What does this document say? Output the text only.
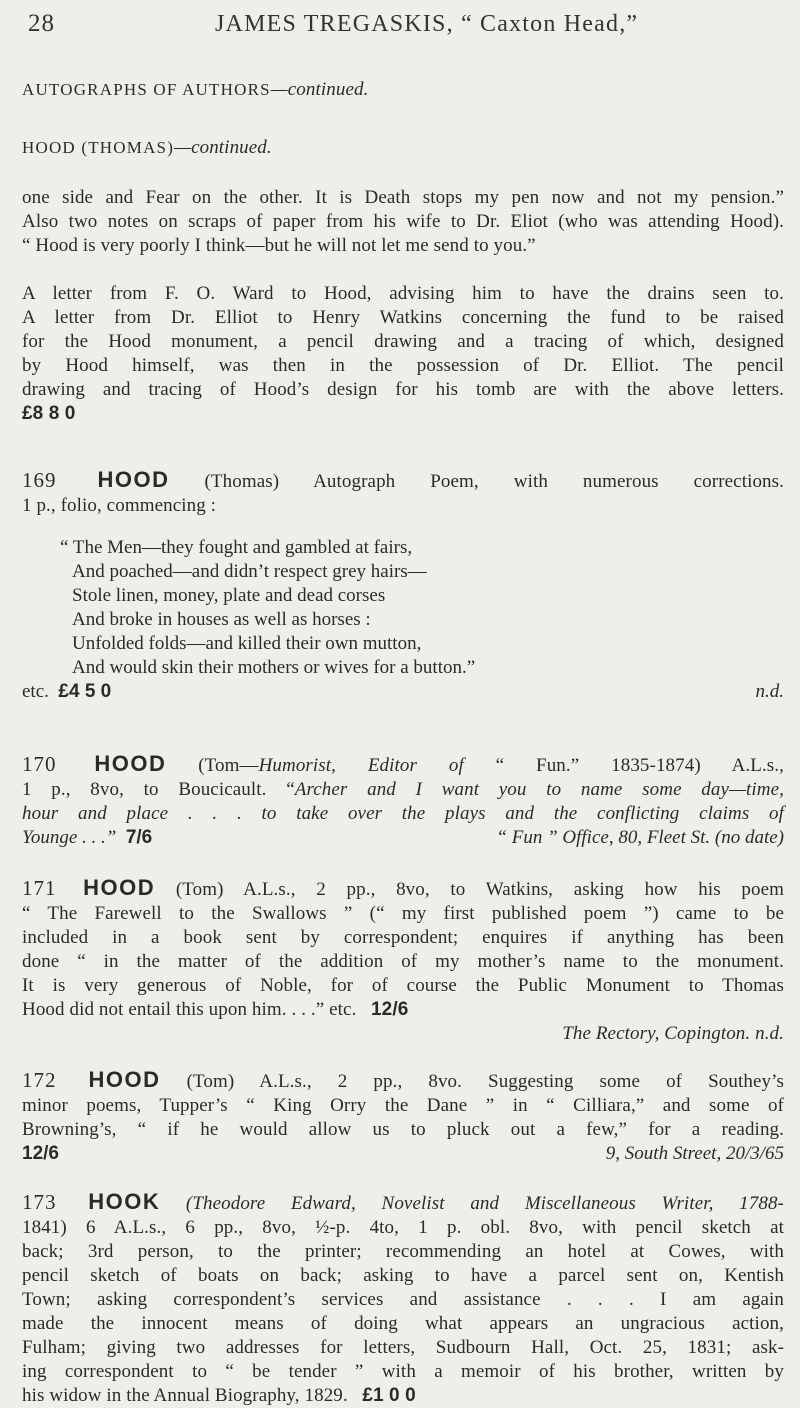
28	JAMES TREGASKIS, “ Caxton Head,”
AUTOGRAPHS OF AUTHORS—continued.
HOOD (THOMAS)—continued.
one side and Fear on the other. It is Death stops my pen now and not my pension.”
Also two notes on scraps of paper from his wife to Dr. Eliot (who was attending Hood).
“ Hood is very poorly I think—but he will not let me send to you.”
A letter from F. O. Ward to Hood, advising him to have the drains seen to.
A letter from Dr. Elliot to Henry Watkins concerning the fund to be raised
for the Hood monument, a pencil drawing and a tracing of which, designed
by Hood himself, was then in the possession of Dr. Elliot. The pencil
drawing and tracing of Hood’s design for his tomb are with the above letters.
£8 8 0
169 HOOD (Thomas) Autograph Poem, with numerous corrections.
1 p., folio, commencing :
“ The Men—they fought and gambled at fairs,
And poached—and didn’t respect grey hairs—
Stole linen, money, plate and dead corses
And broke in houses as well as horses :
Unfolded folds—and killed their own mutton,
And would skin their mothers or wives for a button.”
etc. £4 5 0	n.d.
170 HOOD (Tom—Humorist, Editor of “ Fun.” 1835-1874) A.L.s.,
1 p., 8vo, to Boucicault. “Archer and I want you to name some day—time,
hour and place . . . to take over the plays and the conflicting claims of
Younge . . .” 7/6	“ Fun ” Office, 80, Fleet St. (no date)
171 HOOD (Tom) A.L.s., 2 pp., 8vo, to Watkins, asking how his poem
“ The Farewell to the Swallows ” (“ my first published poem ”) came to be
included in a book sent by correspondent; enquires if anything has been
done “ in the matter of the addition of my mother’s name to the monument.
It is very generous of Noble, for of course the Public Monument to Thomas
Hood did not entail this upon him. . . .” etc. 12/6
The Rectory, Copington. n.d.
172 HOOD (Tom) A.L.s., 2 pp., 8vo. Suggesting some of Southey’s
minor poems, Tupper’s “ King Orry the Dane ” in “ Cilliara,” and some of
Browning’s, “ if he would allow us to pluck out a few,” for a reading.
12/6	9, South Street, 20/3/65
173 HOOK (Theodore Edward, Novelist and Miscellaneous Writer, 1788-
1841) 6 A.L.s., 6 pp., 8vo, ½-p. 4to, 1 p. obl. 8vo, with pencil sketch at
back; 3rd person, to the printer; recommending an hotel at Cowes, with
pencil sketch of boats on back; asking to have a parcel sent on, Kentish
Town; asking correspondent’s services and assistance . . . I am again
made the innocent means of doing what appears an ungracious action,
Fulham; giving two addresses for letters, Sudbourn Hall, Oct. 25, 1831; ask-
ing correspondent to “ be tender ” with a memoir of his brother, written by
his widow in the Annual Biography, 1829. £1 0 0
